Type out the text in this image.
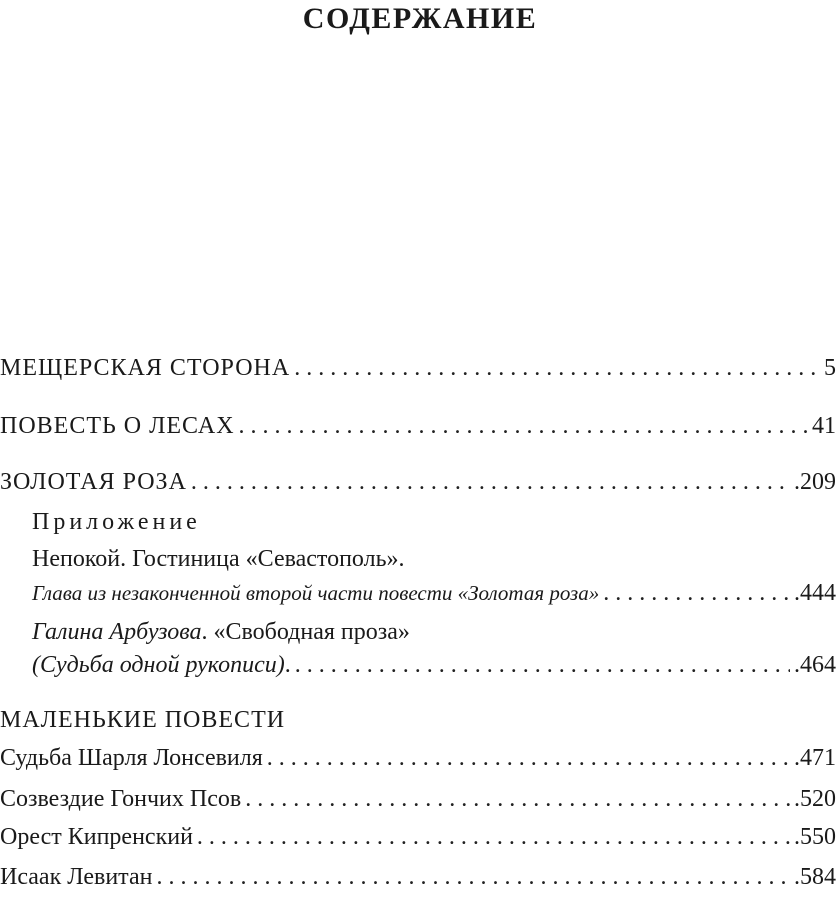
СОДЕРЖАНИЕ
МЕЩЕРСКАЯ СТОРОНА . . .	5
ПОВЕСТЬ О ЛЕСАХ . . .	41
ЗОЛОТАЯ РОЗА . . .	.209
Приложение
Непокой. Гостиница «Севастополь».
Глава из незаконченной второй части повести «Золотая роза» . . .	.444
Галина Арбузова. «Свободная проза»
(Судьба одной рукописи). . . .	.464
МАЛЕНЬКИЕ ПОВЕСТИ
Судьба Шарля Лонсевиля . . .	.471
Созвездие Гончих Псов . . .	.520
Орест Кипренский . . .	.550
Исаак Левитан . . .	.584
